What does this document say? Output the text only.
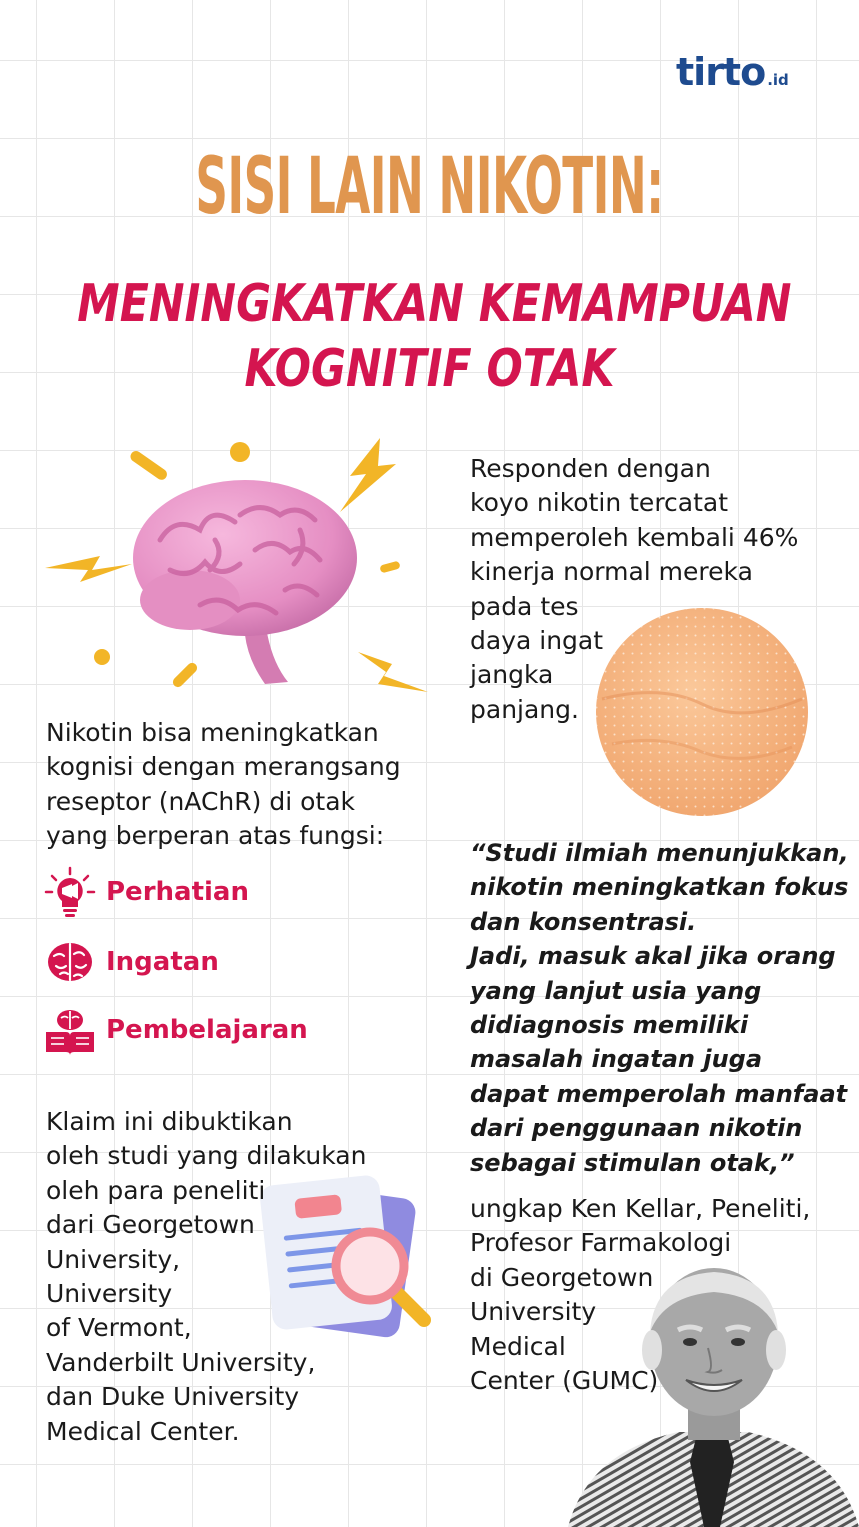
tirto .id
SISI LAIN NIKOTIN:
MENINGKATKAN KEMAMPUAN
KOGNITIF OTAK
Nikotin bisa meningkatkan
kognisi dengan merangsang
reseptor (nAChR) di otak
yang berperan atas fungsi:
Perhatian
Ingatan
Pembelajaran
Klaim ini dibuktikan
oleh studi yang dilakukan
oleh para peneliti
dari Georgetown
University,
University
of Vermont,
Vanderbilt University,
dan Duke University
Medical Center.
Responden dengan
koyo nikotin tercatat
memperoleh kembali 46%
kinerja normal mereka
pada tes
daya ingat
jangka
panjang.
“Studi ilmiah menunjukkan,
nikotin meningkatkan fokus
dan konsentrasi.
Jadi, masuk akal jika orang
yang lanjut usia yang
didiagnosis memiliki
masalah ingatan juga
dapat memperolah manfaat
dari penggunaan nikotin
sebagai stimulan otak,”
ungkap Ken Kellar, Peneliti,
Profesor Farmakologi
di Georgetown
University
Medical
Center (GUMC)
